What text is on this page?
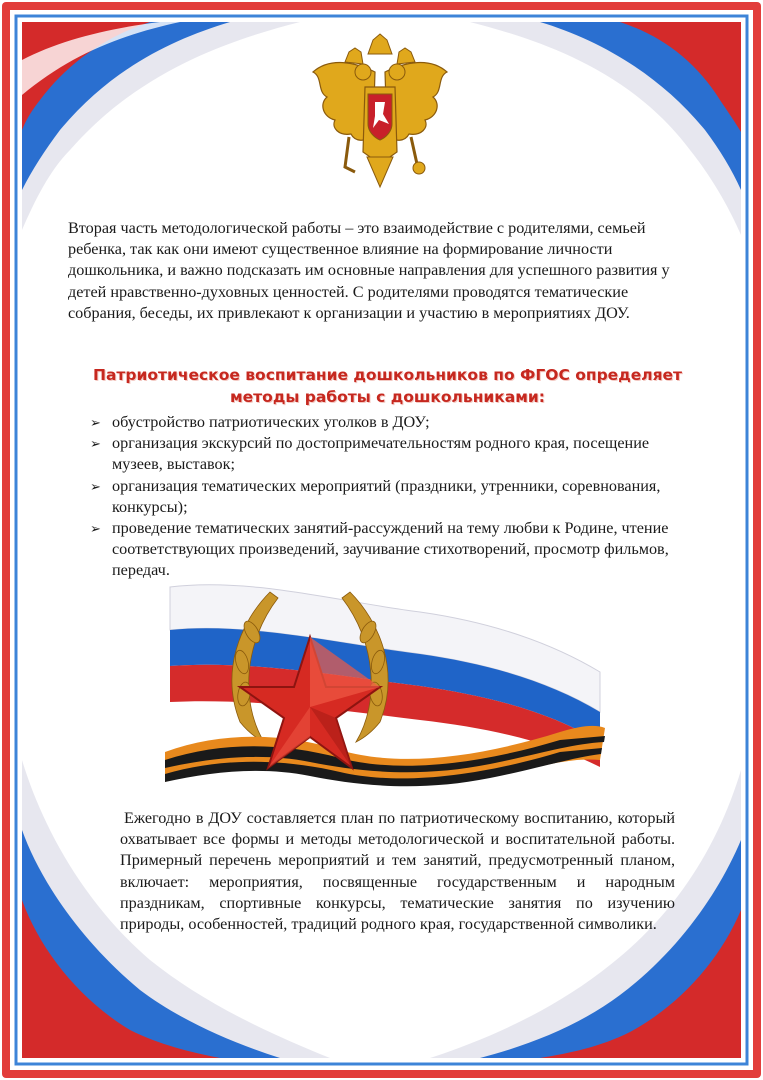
Вторая часть методологической работы – это взаимодействие с родителями, семьей ребенка, так как они имеют существенное влияние на формирование личности дошкольника, и важно подсказать им основные направления для успешного развития у детей нравственно-духовных ценностей. С родителями проводятся тематические собрания, беседы, их привлекают к организации и участию в мероприятиях ДОУ.

Патриотическое воспитание дошкольников по ФГОС определяет
методы работы с дошкольниками:
➢ обустройство патриотических уголков в ДОУ;
➢ организация экскурсий по достопримечательностям родного края, посещение музеев, выставок;
➢ организация тематических мероприятий (праздники, утренники, соревнования, конкурсы);
➢ проведение тематических занятий-рассуждений на тему любви к Родине, чтение соответствующих произведений, заучивание стихотворений, просмотр фильмов, передач.

Ежегодно в ДОУ составляется план по патриотическому воспитанию, который охватывает все формы и методы методологической и воспитательной работы. Примерный перечень мероприятий и тем занятий, предусмотренный планом, включает: мероприятия, посвященные государственным и народным праздникам, спортивные конкурсы, тематические занятия по изучению природы, особенностей, традиций родного края, государственной символики.
